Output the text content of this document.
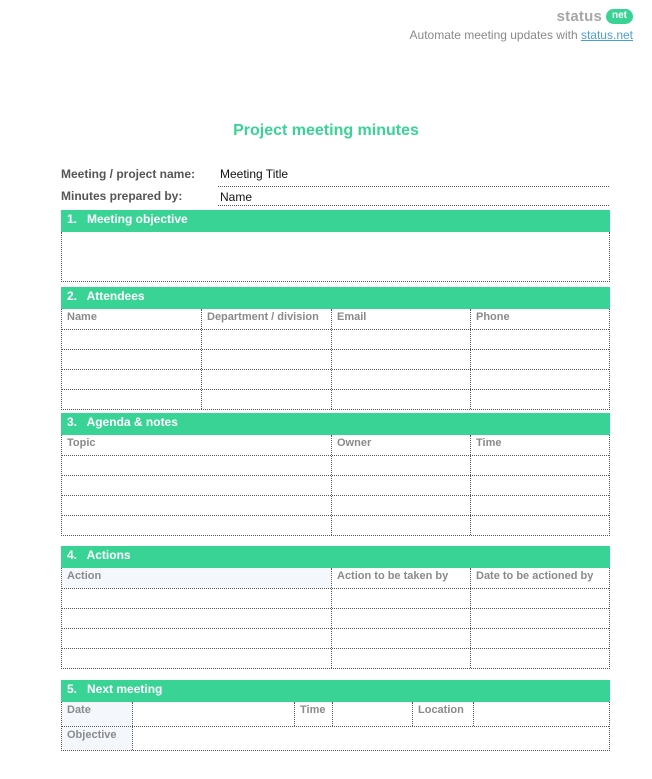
status	net
Automate meeting updates with status.net
Project meeting minutes
Meeting / project name: Meeting Title
Minutes prepared by:	Name
1.   Meeting objective
2.   Attendees
Name	Department / division	Email	Phone
3.   Agenda & notes
Topic	Owner	Time
4.   Actions
Action	Action to be taken by	Date to be actioned by
5.   Next meeting
Date	Time	Location
Objective
